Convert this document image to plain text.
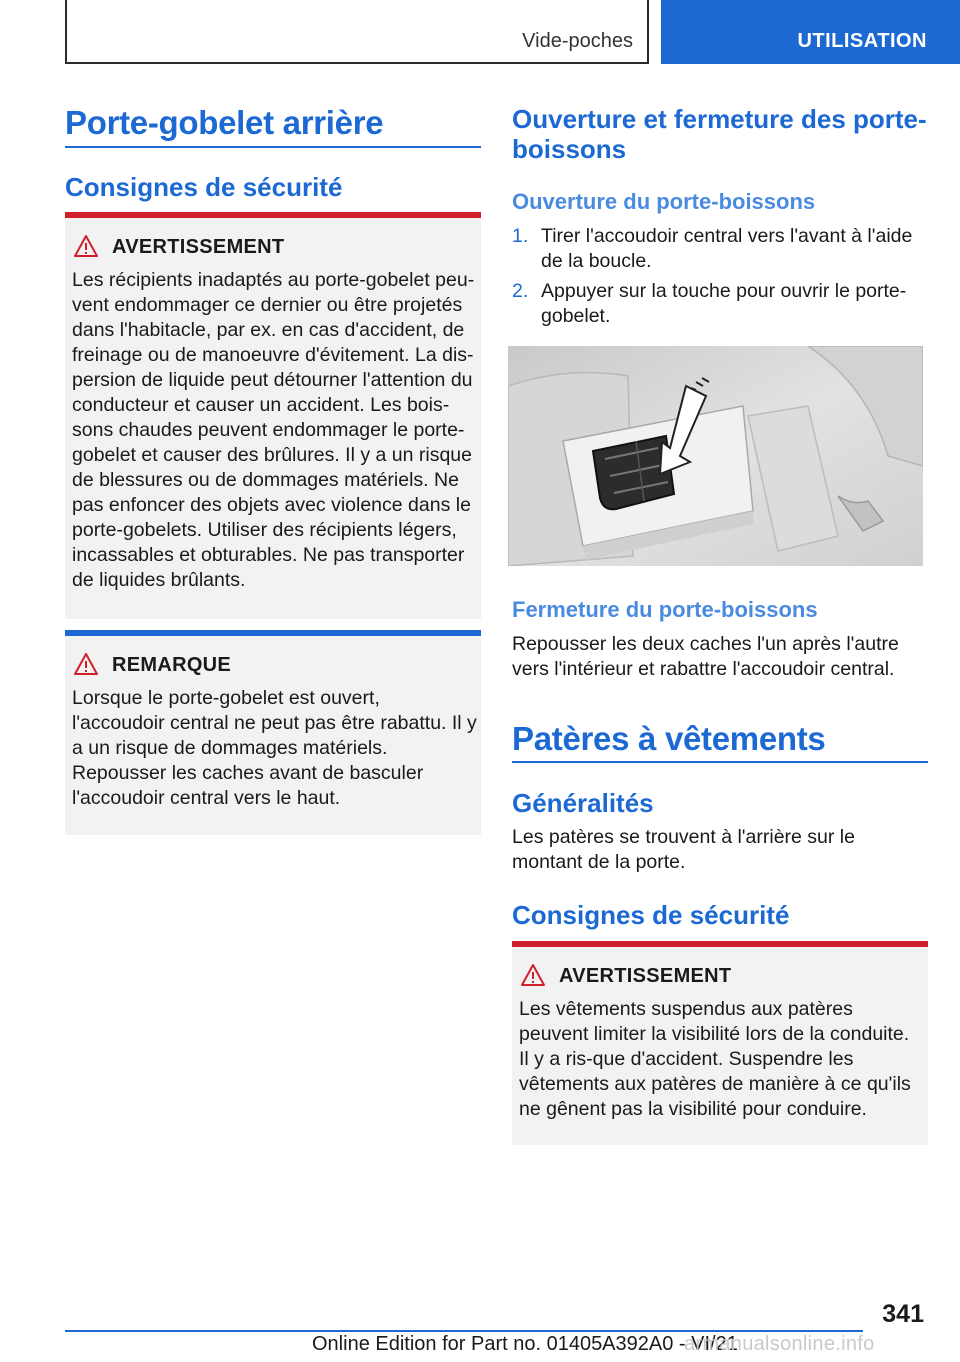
Vide-poches	UTILISATION
Porte-gobelet arrière
Consignes de sécurité
AVERTISSEMENT
Les récipients inadaptés au porte-gobelet peu-vent endommager ce dernier ou être projetés dans l'habitacle, par ex. en cas d'accident, de freinage ou de manoeuvre d'évitement. La dis-persion de liquide peut détourner l'attention du conducteur et causer un accident. Les bois-sons chaudes peuvent endommager le porte-gobelet et causer des brûlures. Il y a un risque de blessures ou de dommages matériels. Ne pas enfoncer des objets avec violence dans le porte-gobelets. Utiliser des récipients légers, incassables et obturables. Ne pas transporter de liquides brûlants.
REMARQUE
Lorsque le porte-gobelet est ouvert, l'accoudoir central ne peut pas être rabattu. Il y a un risque de dommages matériels. Repousser les caches avant de basculer l'accoudoir central vers le haut.
Ouverture et fermeture des porte-boissons
Ouverture du porte-boissons
1. Tirer l'accoudoir central vers l'avant à l'aide de la boucle.
2. Appuyer sur la touche pour ouvrir le porte-gobelet.
Fermeture du porte-boissons
Repousser les deux caches l'un après l'autre vers l'intérieur et rabattre l'accoudoir central.
Patères à vêtements
Généralités
Les patères se trouvent à l'arrière sur le montant de la porte.
Consignes de sécurité
AVERTISSEMENT
Les vêtements suspendus aux patères peuvent limiter la visibilité lors de la conduite. Il y a ris-que d'accident. Suspendre les vêtements aux patères de manière à ce qu'ils ne gênent pas la visibilité pour conduire.
341
Online Edition for Part no. 01405A392A0 - VI/21
armanualsonline.info
